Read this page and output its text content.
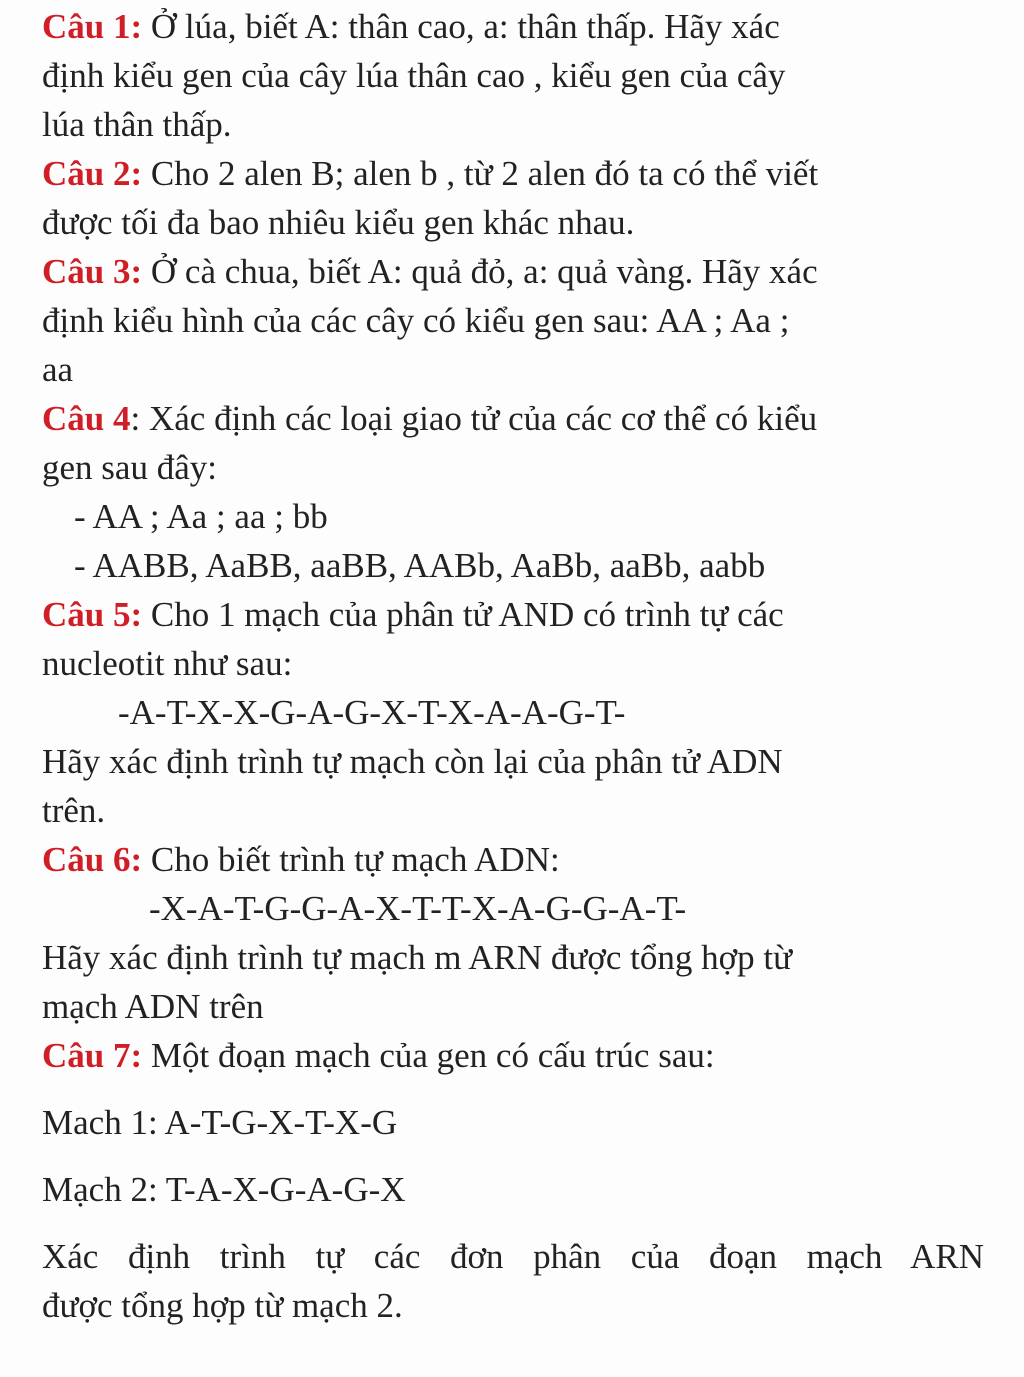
Câu 1: Ở lúa, biết A: thân cao, a: thân thấp. Hãy xác
định kiểu gen của cây lúa thân cao , kiểu gen của cây
lúa thân thấp.
Câu 2: Cho 2 alen B; alen b , từ 2 alen đó ta có thể viết
được tối đa bao nhiêu kiểu gen khác nhau.
Câu 3: Ở cà chua, biết A: quả đỏ, a: quả vàng. Hãy xác
định kiểu hình của các cây có kiểu gen sau: AA ; Aa ;
aa
Câu 4: Xác định các loại giao tử của các cơ thể có kiểu
gen sau đây:
- AA ; Aa ; aa ; bb
- AABB, AaBB, aaBB, AABb, AaBb, aaBb, aabb
Câu 5: Cho 1 mạch của phân tử AND có trình tự các
nucleotit như sau:
-A-T-X-X-G-A-G-X-T-X-A-A-G-T-
Hãy xác định trình tự mạch còn lại của phân tử ADN
trên.
Câu 6: Cho biết trình tự mạch ADN:
-X-A-T-G-G-A-X-T-T-X-A-G-G-A-T-
Hãy xác định trình tự mạch m ARN được tổng hợp từ
mạch ADN trên
Câu 7: Một đoạn mạch của gen có cấu trúc sau:
Mach 1: A-T-G-X-T-X-G
Mạch 2: T-A-X-G-A-G-X
Xác định trình tự các đơn phân của đoạn mạch ARN
được tổng hợp từ mạch 2.
